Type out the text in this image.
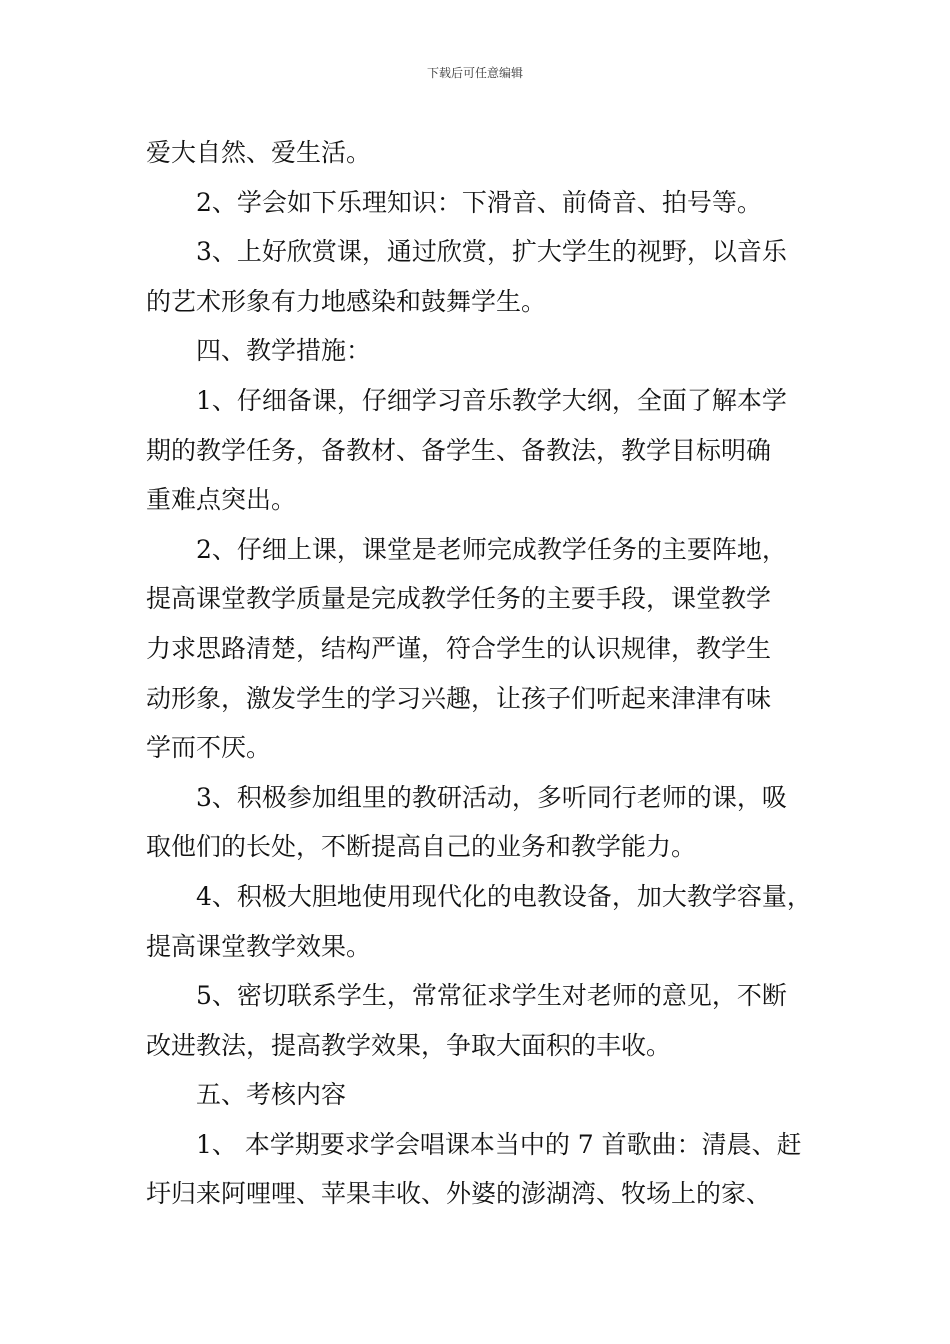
下载后可任意编辑
爱大自然、爱生活。
2、学会如下乐理知识：下滑音、前倚音、拍号等。
3、上好欣赏课，通过欣赏，扩大学生的视野，以音乐
的艺术形象有力地感染和鼓舞学生。
四、教学措施：
1、仔细备课，仔细学习音乐教学大纲，全面了解本学
期的教学任务，备教材、备学生、备教法，教学目标明确
重难点突出。
2、仔细上课，课堂是老师完成教学任务的主要阵地，
提高课堂教学质量是完成教学任务的主要手段，课堂教学
力求思路清楚，结构严谨，符合学生的认识规律，教学生
动形象，激发学生的学习兴趣，让孩子们听起来津津有味
学而不厌。
3、积极参加组里的教研活动，多听同行老师的课，吸
取他们的长处，不断提高自己的业务和教学能力。
4、积极大胆地使用现代化的电教设备，加大教学容量，
提高课堂教学效果。
5、密切联系学生，常常征求学生对老师的意见，不断
改进教法，提高教学效果，争取大面积的丰收。
五、考核内容
1、 本学期要求学会唱课本当中的 7 首歌曲：清晨、赶
圩归来阿哩哩、苹果丰收、外婆的澎湖湾、牧场上的家、
